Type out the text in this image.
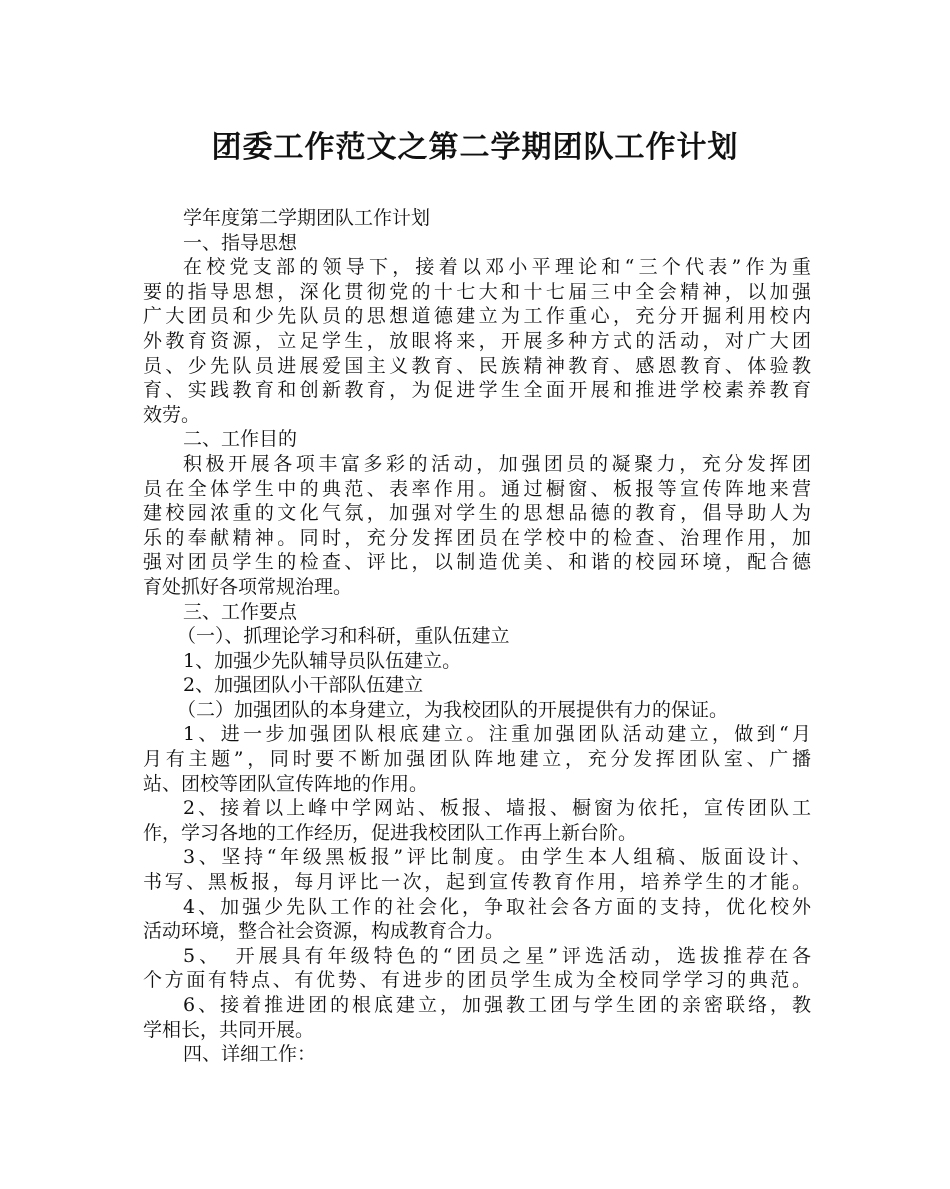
团委工作范文之第二学期团队工作计划
学年度第二学期团队工作计划
一、指导思想
在校党支部的领导下，接着以邓小平理论和“三个代表”作为重
要的指导思想，深化贯彻党的十七大和十七届三中全会精神，以加强
广大团员和少先队员的思想道德建立为工作重心，充分开掘利用校内
外教育资源，立足学生，放眼将来，开展多种方式的活动，对广大团
员、少先队员进展爱国主义教育、民族精神教育、感恩教育、体验教
育、实践教育和创新教育，为促进学生全面开展和推进学校素养教育
效劳。
二、工作目的
积极开展各项丰富多彩的活动，加强团员的凝聚力，充分发挥团
员在全体学生中的典范、表率作用。通过橱窗、板报等宣传阵地来营
建校园浓重的文化气氛，加强对学生的思想品德的教育，倡导助人为
乐的奉献精神。同时，充分发挥团员在学校中的检查、治理作用，加
强对团员学生的检查、评比，以制造优美、和谐的校园环境，配合德
育处抓好各项常规治理。
三、工作要点
（一）、抓理论学习和科研，重队伍建立
1、加强少先队辅导员队伍建立。
2、加强团队小干部队伍建立
（二）加强团队的本身建立，为我校团队的开展提供有力的保证。
1、进一步加强团队根底建立。注重加强团队活动建立，做到“月
月有主题”，同时要不断加强团队阵地建立，充分发挥团队室、广播
站、团校等团队宣传阵地的作用。
2、接着以上峰中学网站、板报、墙报、橱窗为依托，宣传团队工
作，学习各地的工作经历，促进我校团队工作再上新台阶。
3、坚持“年级黑板报”评比制度。由学生本人组稿、版面设计、
书写、黑板报，每月评比一次，起到宣传教育作用，培养学生的才能。
4、加强少先队工作的社会化，争取社会各方面的支持，优化校外
活动环境，整合社会资源，构成教育合力。
5、　开展具有年级特色的“团员之星”评选活动，选拔推荐在各
个方面有特点、有优势、有进步的团员学生成为全校同学学习的典范。
6、接着推进团的根底建立，加强教工团与学生团的亲密联络，教
学相长，共同开展。
四、详细工作：
